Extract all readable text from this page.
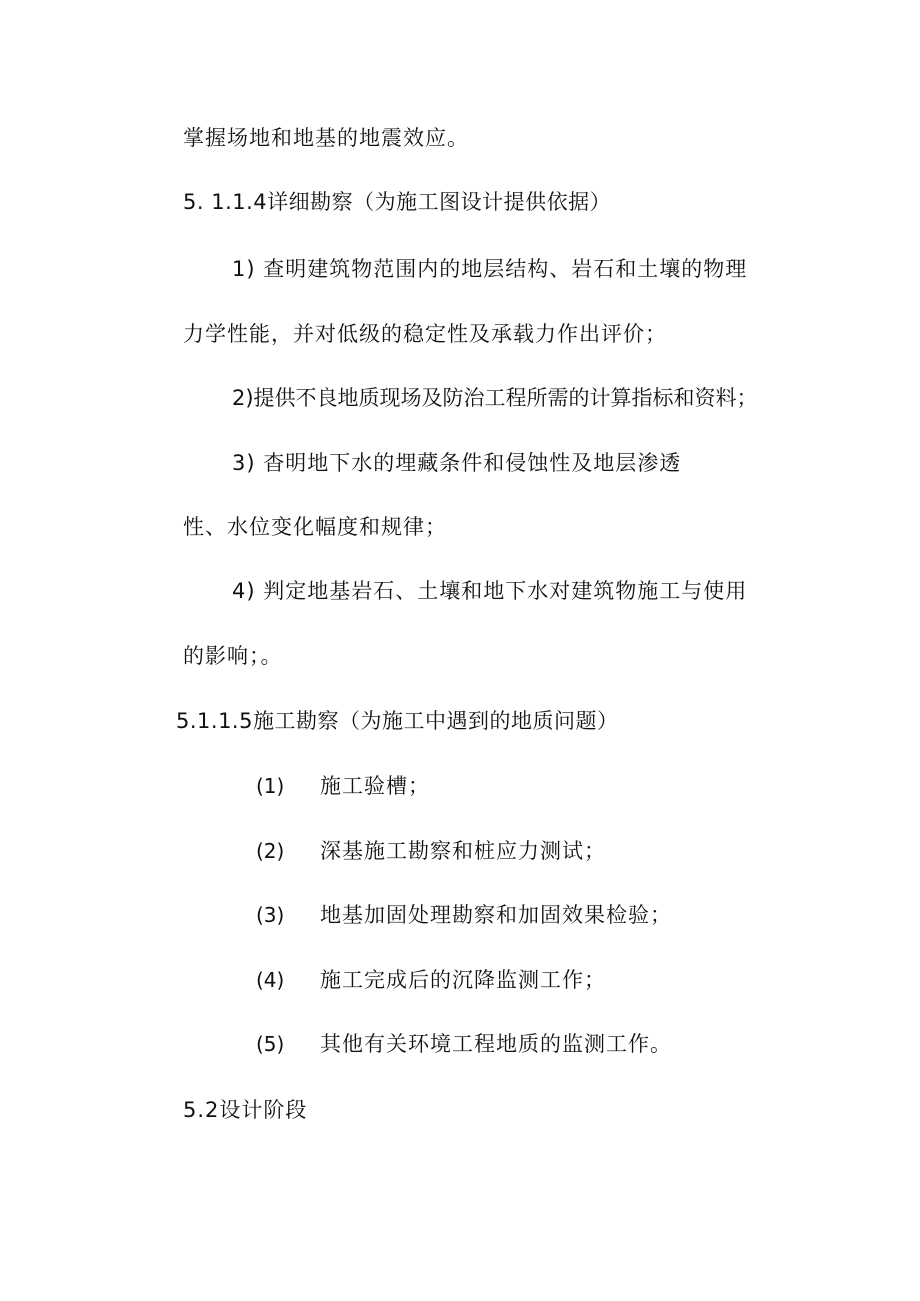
掌握场地和地基的地震效应。
5. 1.1.4详细勘察（为施工图设计提供依据）
1) 查明建筑物范围内的地层结构、岩石和土壤的物理
力学性能，并对低级的稳定性及承载力作出评价；
2)提供不良地质现场及防治工程所需的计算指标和资料；
3) 杳明地下水的埋藏条件和侵蚀性及地层渗透
性、水位变化幅度和规律；
4) 判定地基岩石、土壤和地下水对建筑物施工与使用
的影响；。
5.1.1.5施工勘察（为施工中遇到的地质问题）
(1) 施工验槽；
(2) 深基施工勘察和桩应力测试；
(3) 地基加固处理勘察和加固效果检验；
(4) 施工完成后的沉降监测工作；
(5) 其他有关环境工程地质的监测工作。
5.2设计阶段
